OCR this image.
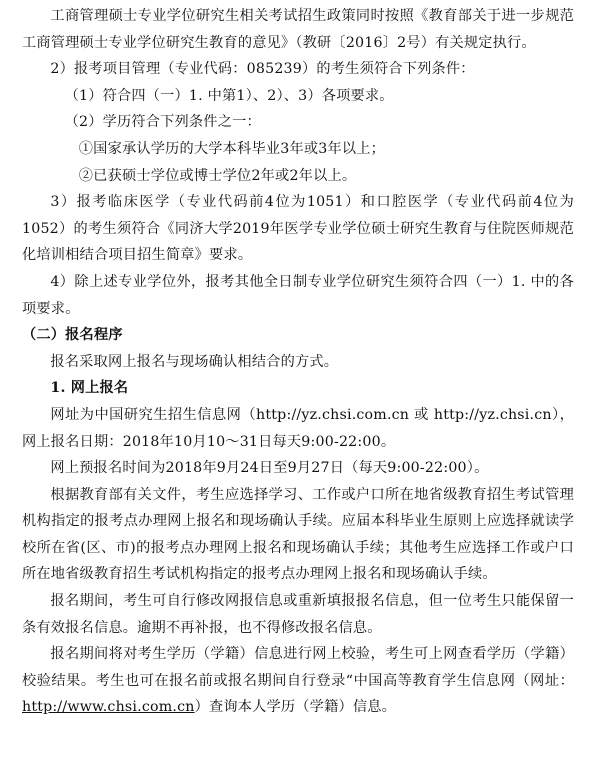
工商管理硕士专业学位研究生相关考试招生政策同时按照《教育部关于进一步规范工商管理硕士专业学位研究生教育的意见》（教研〔2016〕2号）有关规定执行。

2）报考项目管理（专业代码：085239）的考生须符合下列条件：

（1）符合四（一）1. 中第1）、2）、3）各项要求。

（2）学历符合下列条件之一：

①国家承认学历的大学本科毕业3年或3年以上；

②已获硕士学位或博士学位2年或2年以上。

3）报考临床医学（专业代码前4位为1051）和口腔医学（专业代码前4位为1052）的考生须符合《同济大学2019年医学专业学位硕士研究生教育与住院医师规范化培训相结合项目招生简章》要求。

4）除上述专业学位外，报考其他全日制专业学位研究生须符合四（一）1. 中的各项要求。

（二）报名程序

报名采取网上报名与现场确认相结合的方式。

1. 网上报名

网址为中国研究生招生信息网（http://yz.chsi.com.cn 或 http://yz.chsi.cn），网上报名日期：2018年10月10～31日每天9:00-22:00。

网上预报名时间为2018年9月24日至9月27日（每天9:00-22:00）。

根据教育部有关文件，考生应选择学习、工作或户口所在地省级教育招生考试管理机构指定的报考点办理网上报名和现场确认手续。应届本科毕业生原则上应选择就读学校所在省(区、市)的报考点办理网上报名和现场确认手续；其他考生应选择工作或户口所在地省级教育招生考试机构指定的报考点办理网上报名和现场确认手续。

报名期间，考生可自行修改网报信息或重新填报报名信息，但一位考生只能保留一条有效报名信息。逾期不再补报，也不得修改报名信息。

报名期间将对考生学历（学籍）信息进行网上校验，考生可上网查看学历（学籍）校验结果。考生也可在报名前或报名期间自行登录“中国高等教育学生信息网（网址：http://www.chsi.com.cn）查询本人学历（学籍）信息。
